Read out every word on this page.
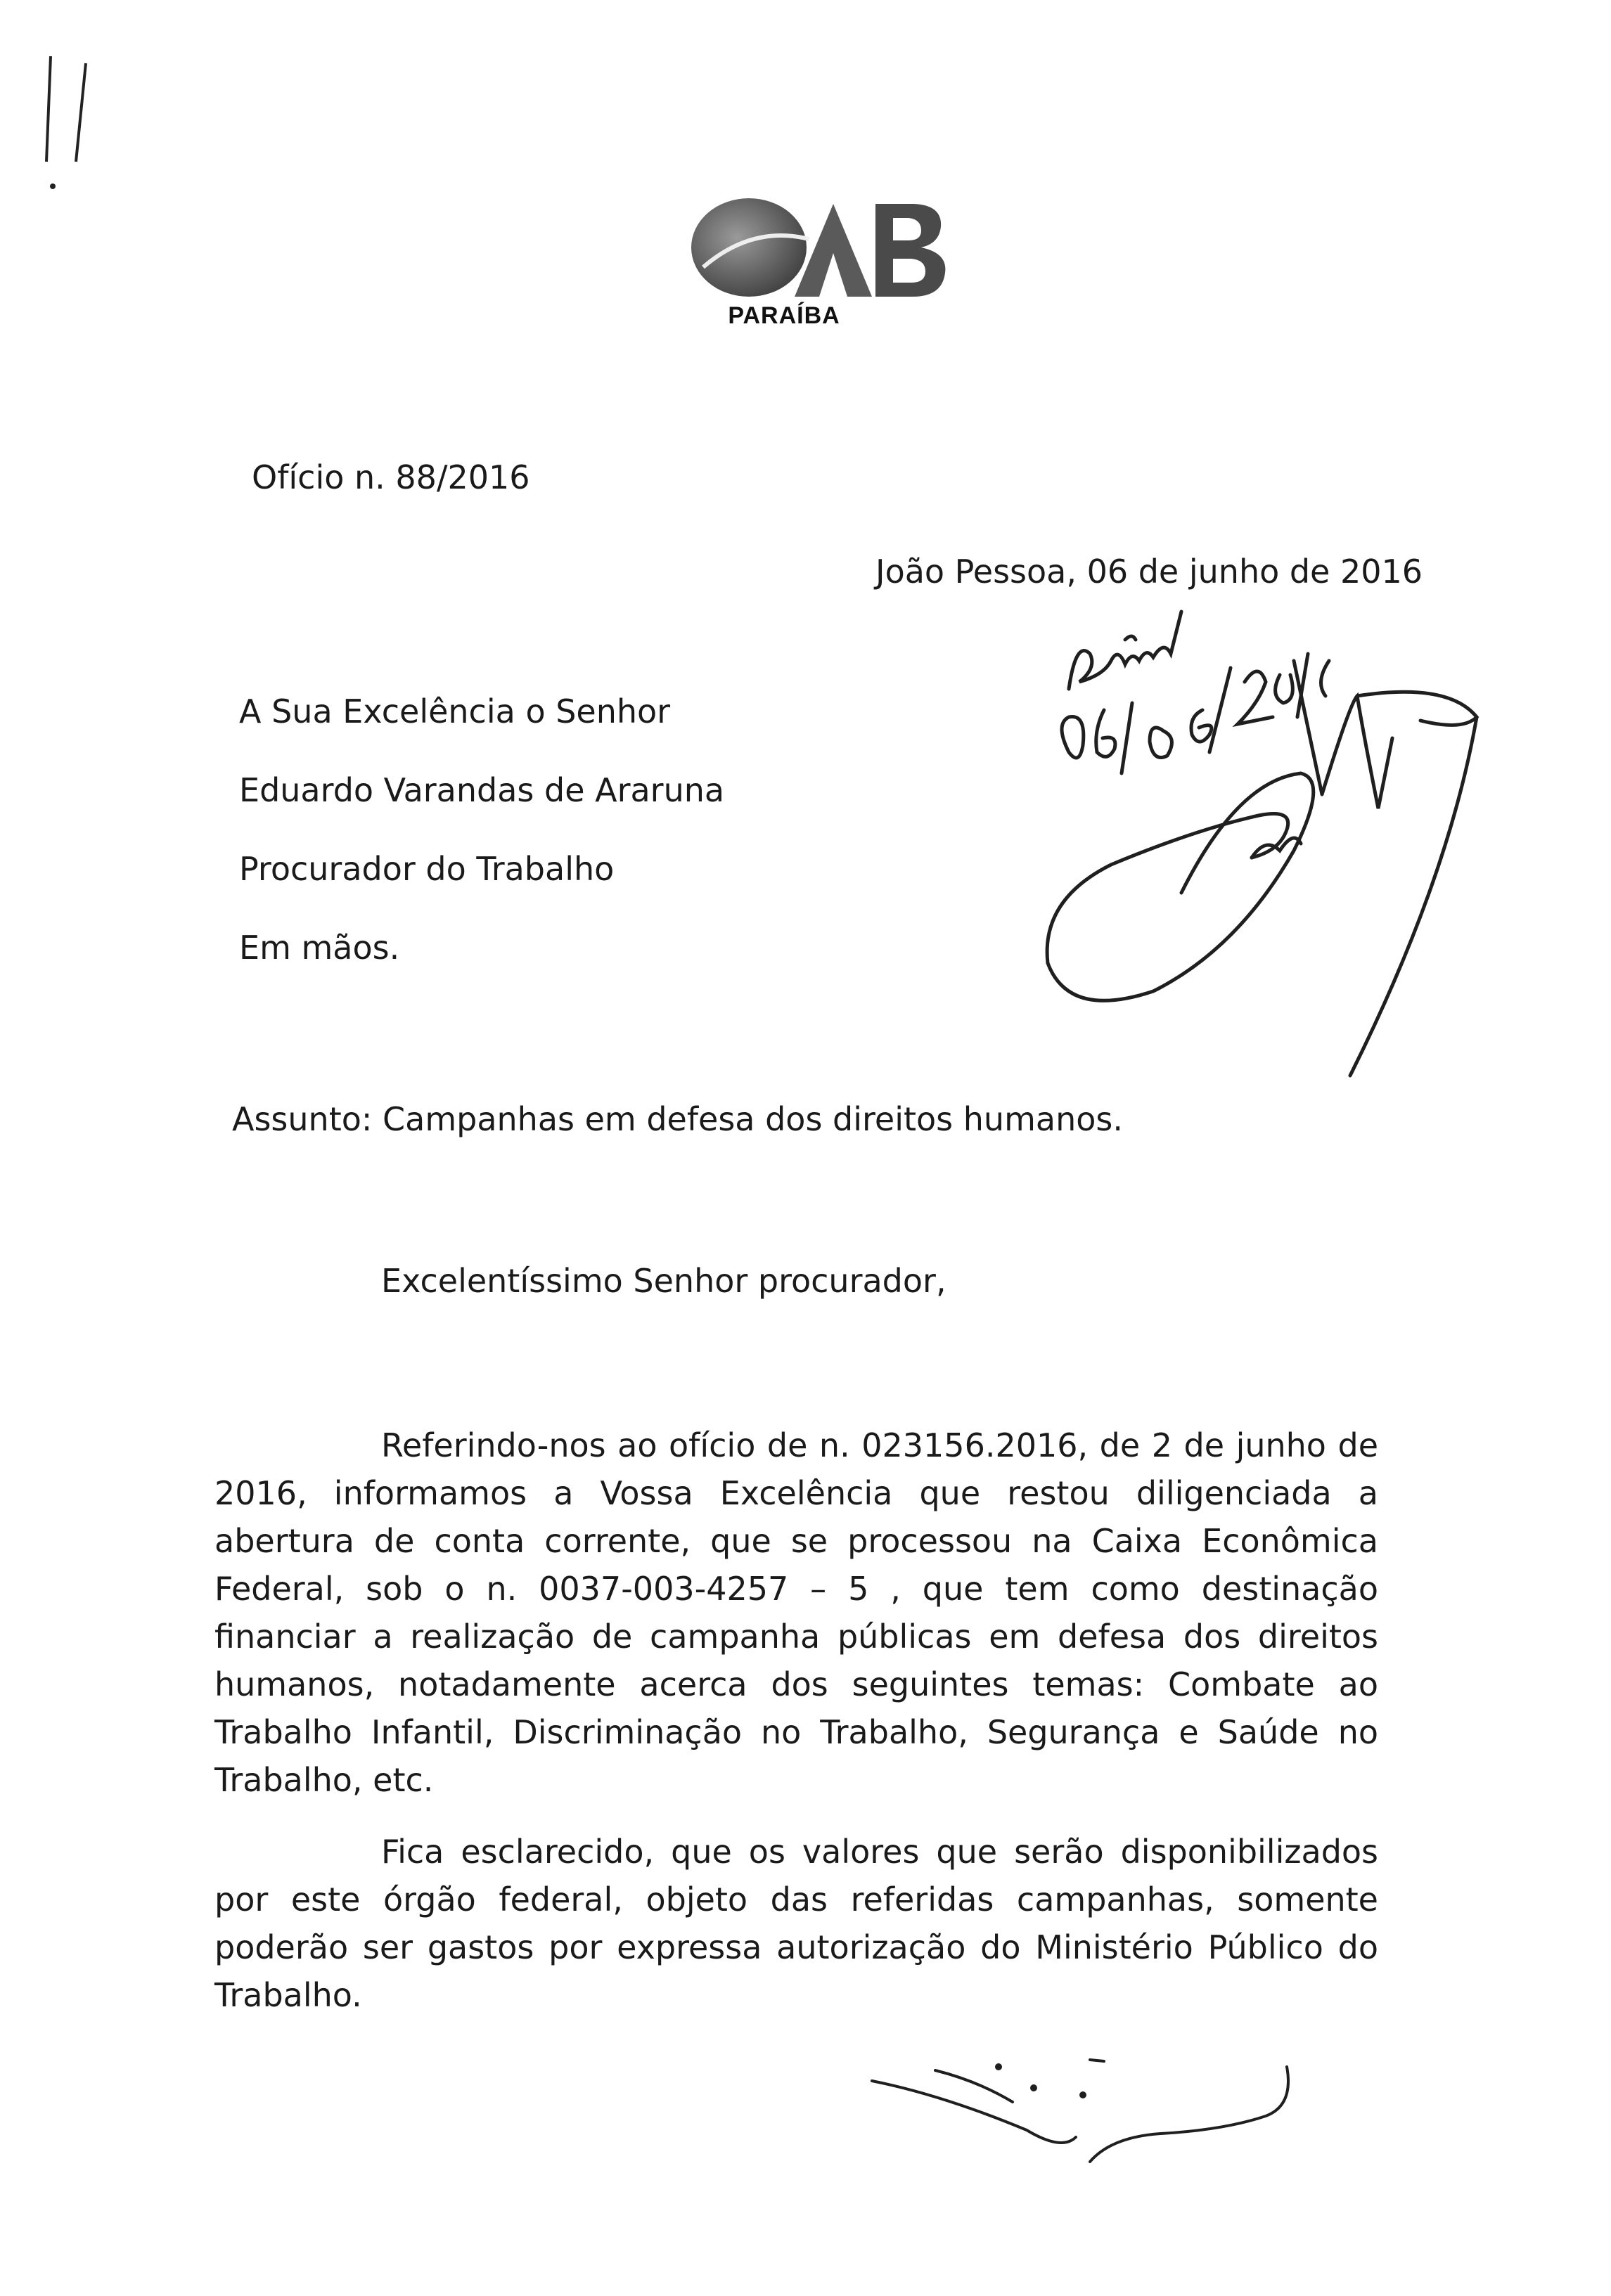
PARAÍBA
Ofício n. 88/2016
João Pessoa, 06 de junho de 2016
A Sua Excelência o Senhor
Eduardo Varandas de Araruna
Procurador do Trabalho
Em mãos.
Assunto: Campanhas em defesa dos direitos humanos.
Excelentíssimo Senhor procurador,
Referindo-nos ao ofício de n. 023156.2016, de 2 de junho de 2016, informamos a Vossa Excelência que restou diligenciada a abertura de conta corrente, que se processou na Caixa Econômica Federal, sob o n. 0037-003-4257 – 5 , que tem como destinação financiar a realização de campanha públicas em defesa dos direitos humanos, notadamente acerca dos seguintes temas: Combate ao Trabalho Infantil, Discriminação no Trabalho, Segurança e Saúde no Trabalho, etc.
Fica esclarecido, que os valores que serão disponibilizados por este órgão federal, objeto das referidas campanhas, somente poderão ser gastos por expressa autorização do Ministério Público do Trabalho.
